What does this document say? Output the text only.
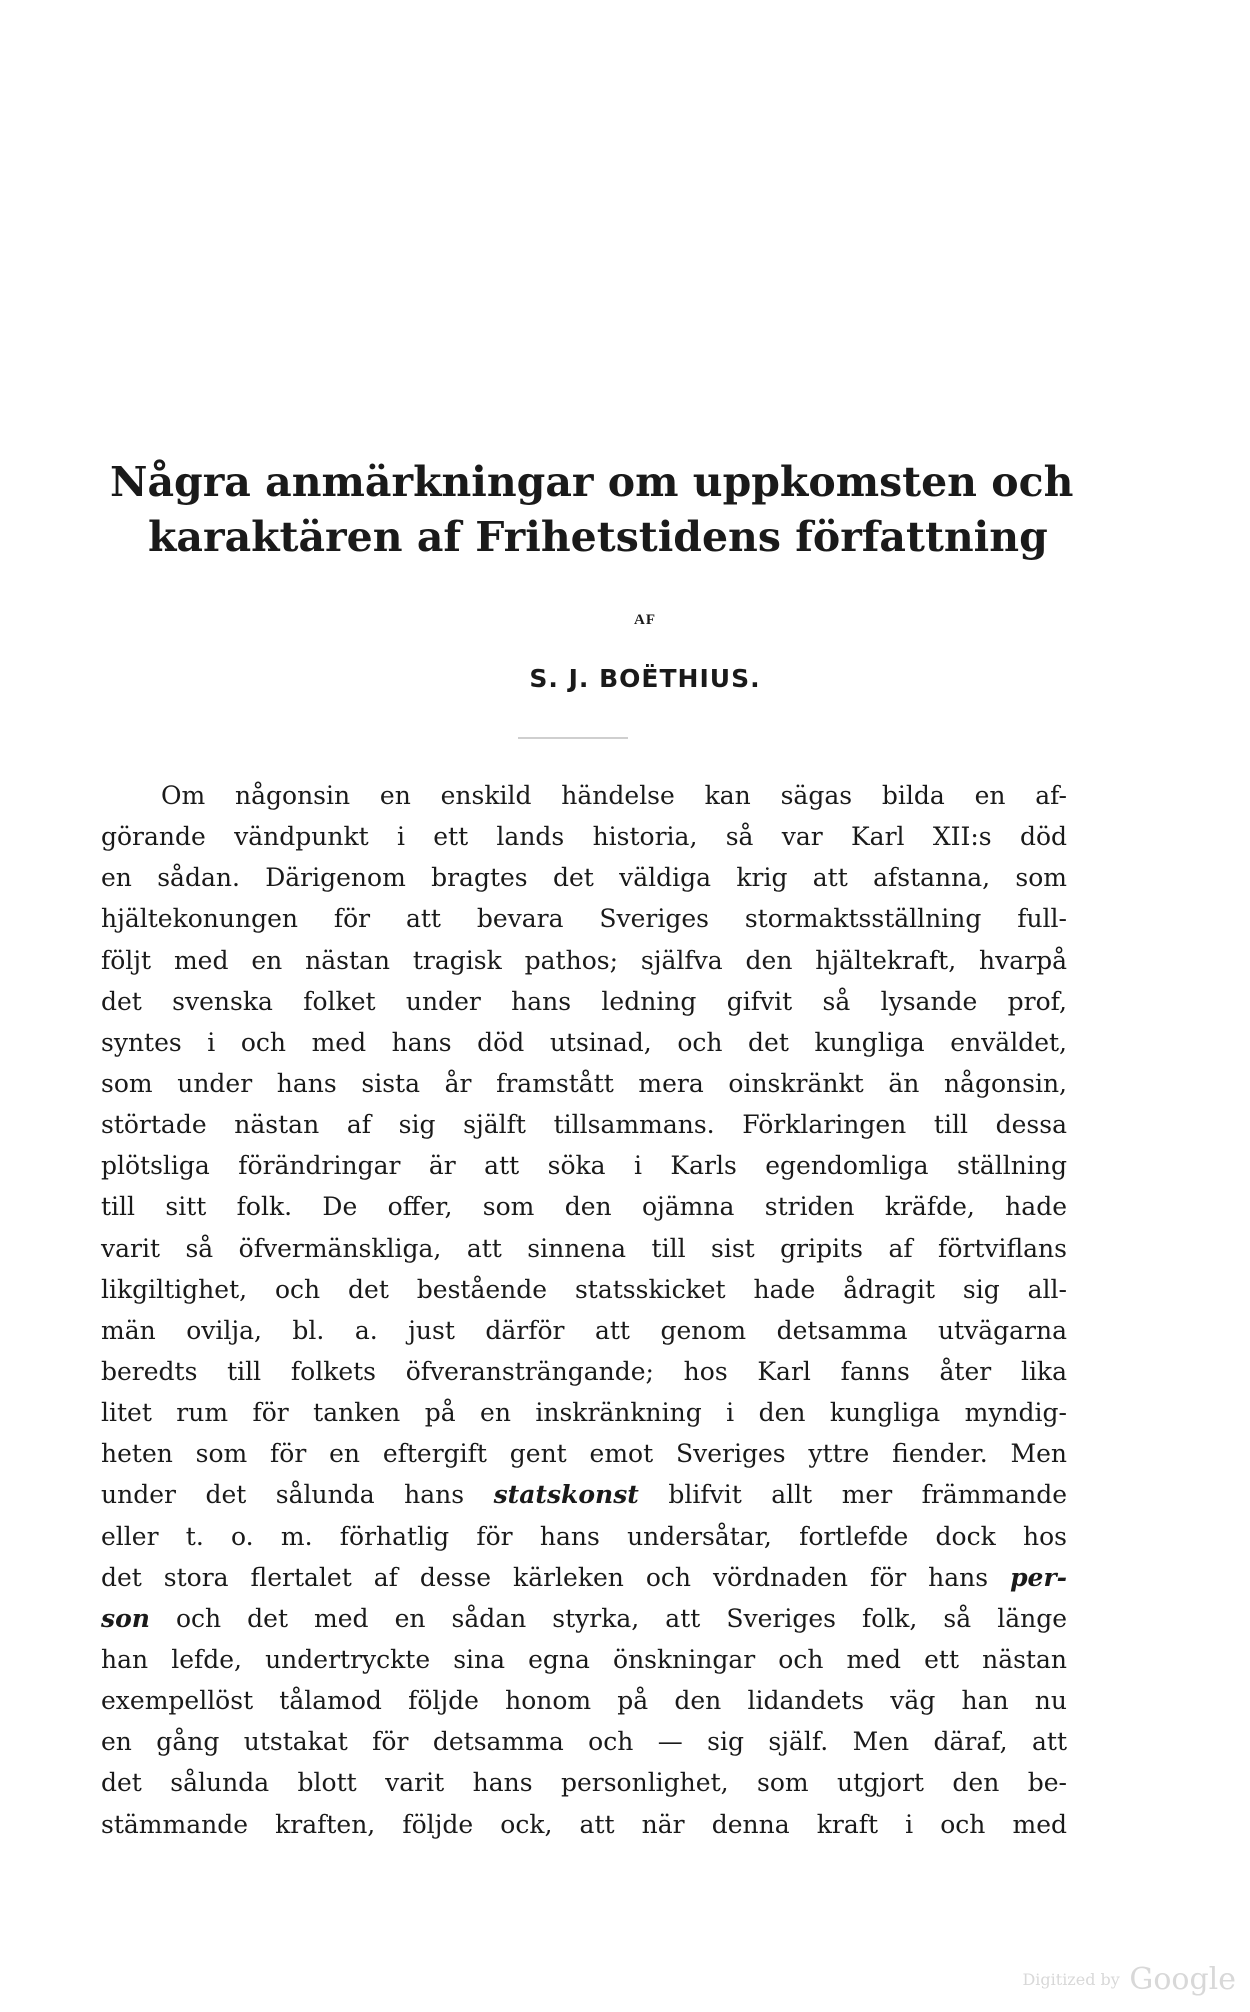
Några anmärkningar om uppkomsten och

karaktären af Frihetstidens författning

AF
S. J. BOËTHIUS.
Om någonsin en enskild händelse kan sägas bilda en af-
görande vändpunkt i ett lands historia, så var Karl XII:s död
en sådan. Därigenom bragtes det väldiga krig att afstanna, som
hjältekonungen för att bevara Sveriges stormaktsställning full-
följt med en nästan tragisk pathos; själfva den hjältekraft, hvarpå
det svenska folket under hans ledning gifvit så lysande prof,
syntes i och med hans död utsinad, och det kungliga enväldet,
som under hans sista år framstått mera oinskränkt än någonsin,
störtade nästan af sig själft tillsammans. Förklaringen till dessa
plötsliga förändringar är att söka i Karls egendomliga ställning
till sitt folk. De offer, som den ojämna striden kräfde, hade
varit så öfvermänskliga, att sinnena till sist gripits af förtviflans
likgiltighet, och det bestående statsskicket hade ådragit sig all-
män ovilja, bl. a. just därför att genom detsamma utvägarna
beredts till folkets öfveransträngande; hos Karl fanns åter lika
litet rum för tanken på en inskränkning i den kungliga myndig-
heten som för en eftergift gent emot Sveriges yttre fiender. Men
under det sålunda hans statskonst blifvit allt mer främmande
eller t. o. m. förhatlig för hans undersåtar, fortlefde dock hos
det stora flertalet af desse kärleken och vördnaden för hans per-
son och det med en sådan styrka, att Sveriges folk, så länge
han lefde, undertryckte sina egna önskningar och med ett nästan
exempellöst tålamod följde honom på den lidandets väg han nu
en gång utstakat för detsamma och — sig själf. Men däraf, att
det sålunda blott varit hans personlighet, som utgjort den be-
stämmande kraften, följde ock, att när denna kraft i och med
Digitized by Google
